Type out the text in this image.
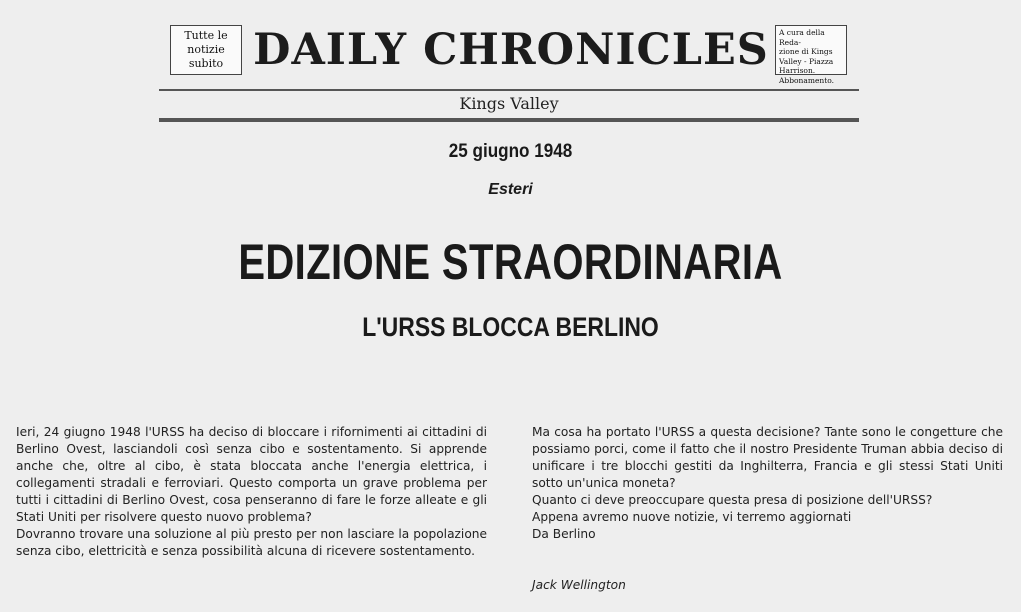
Tutte le
notizie
subito DAILY CHRONICLES A cura della Reda-
zione di Kings
Valley - Piazza
Harrison.
Abbonamento.
Kings Valley
25 giugno 1948
Esteri
EDIZIONE STRAORDINARIA
L'URSS BLOCCA BERLINO

Ieri, 24 giugno 1948 l'URSS ha deciso di bloccare i rifornimenti ai cittadini di Berlino Ovest, lasciandoli così senza cibo e sostentamento. Si apprende anche che, oltre al cibo, è stata bloccata anche l'energia elettrica, i collegamenti stradali e ferroviari. Questo comporta un grave problema per tutti i cittadini di Berlino Ovest, cosa penseranno di fare le forze alleate e gli Stati Uniti per risolvere questo nuovo problema?

Dovranno trovare una soluzione al più presto per non lasciare la popolazione senza cibo, elettricità e senza possibilità alcuna di ricevere sostentamento.

Ma cosa ha portato l'URSS a questa decisione? Tante sono le congetture che possiamo porci, come il fatto che il nostro Presidente Truman abbia deciso di unificare i tre blocchi gestiti da Inghilterra, Francia e gli stessi Stati Uniti sotto un'unica moneta?

Quanto ci deve preoccupare questa presa di posizione dell'URSS?

Appena avremo nuove notizie, vi terremo aggiornati

Da Berlino

Jack Wellington
